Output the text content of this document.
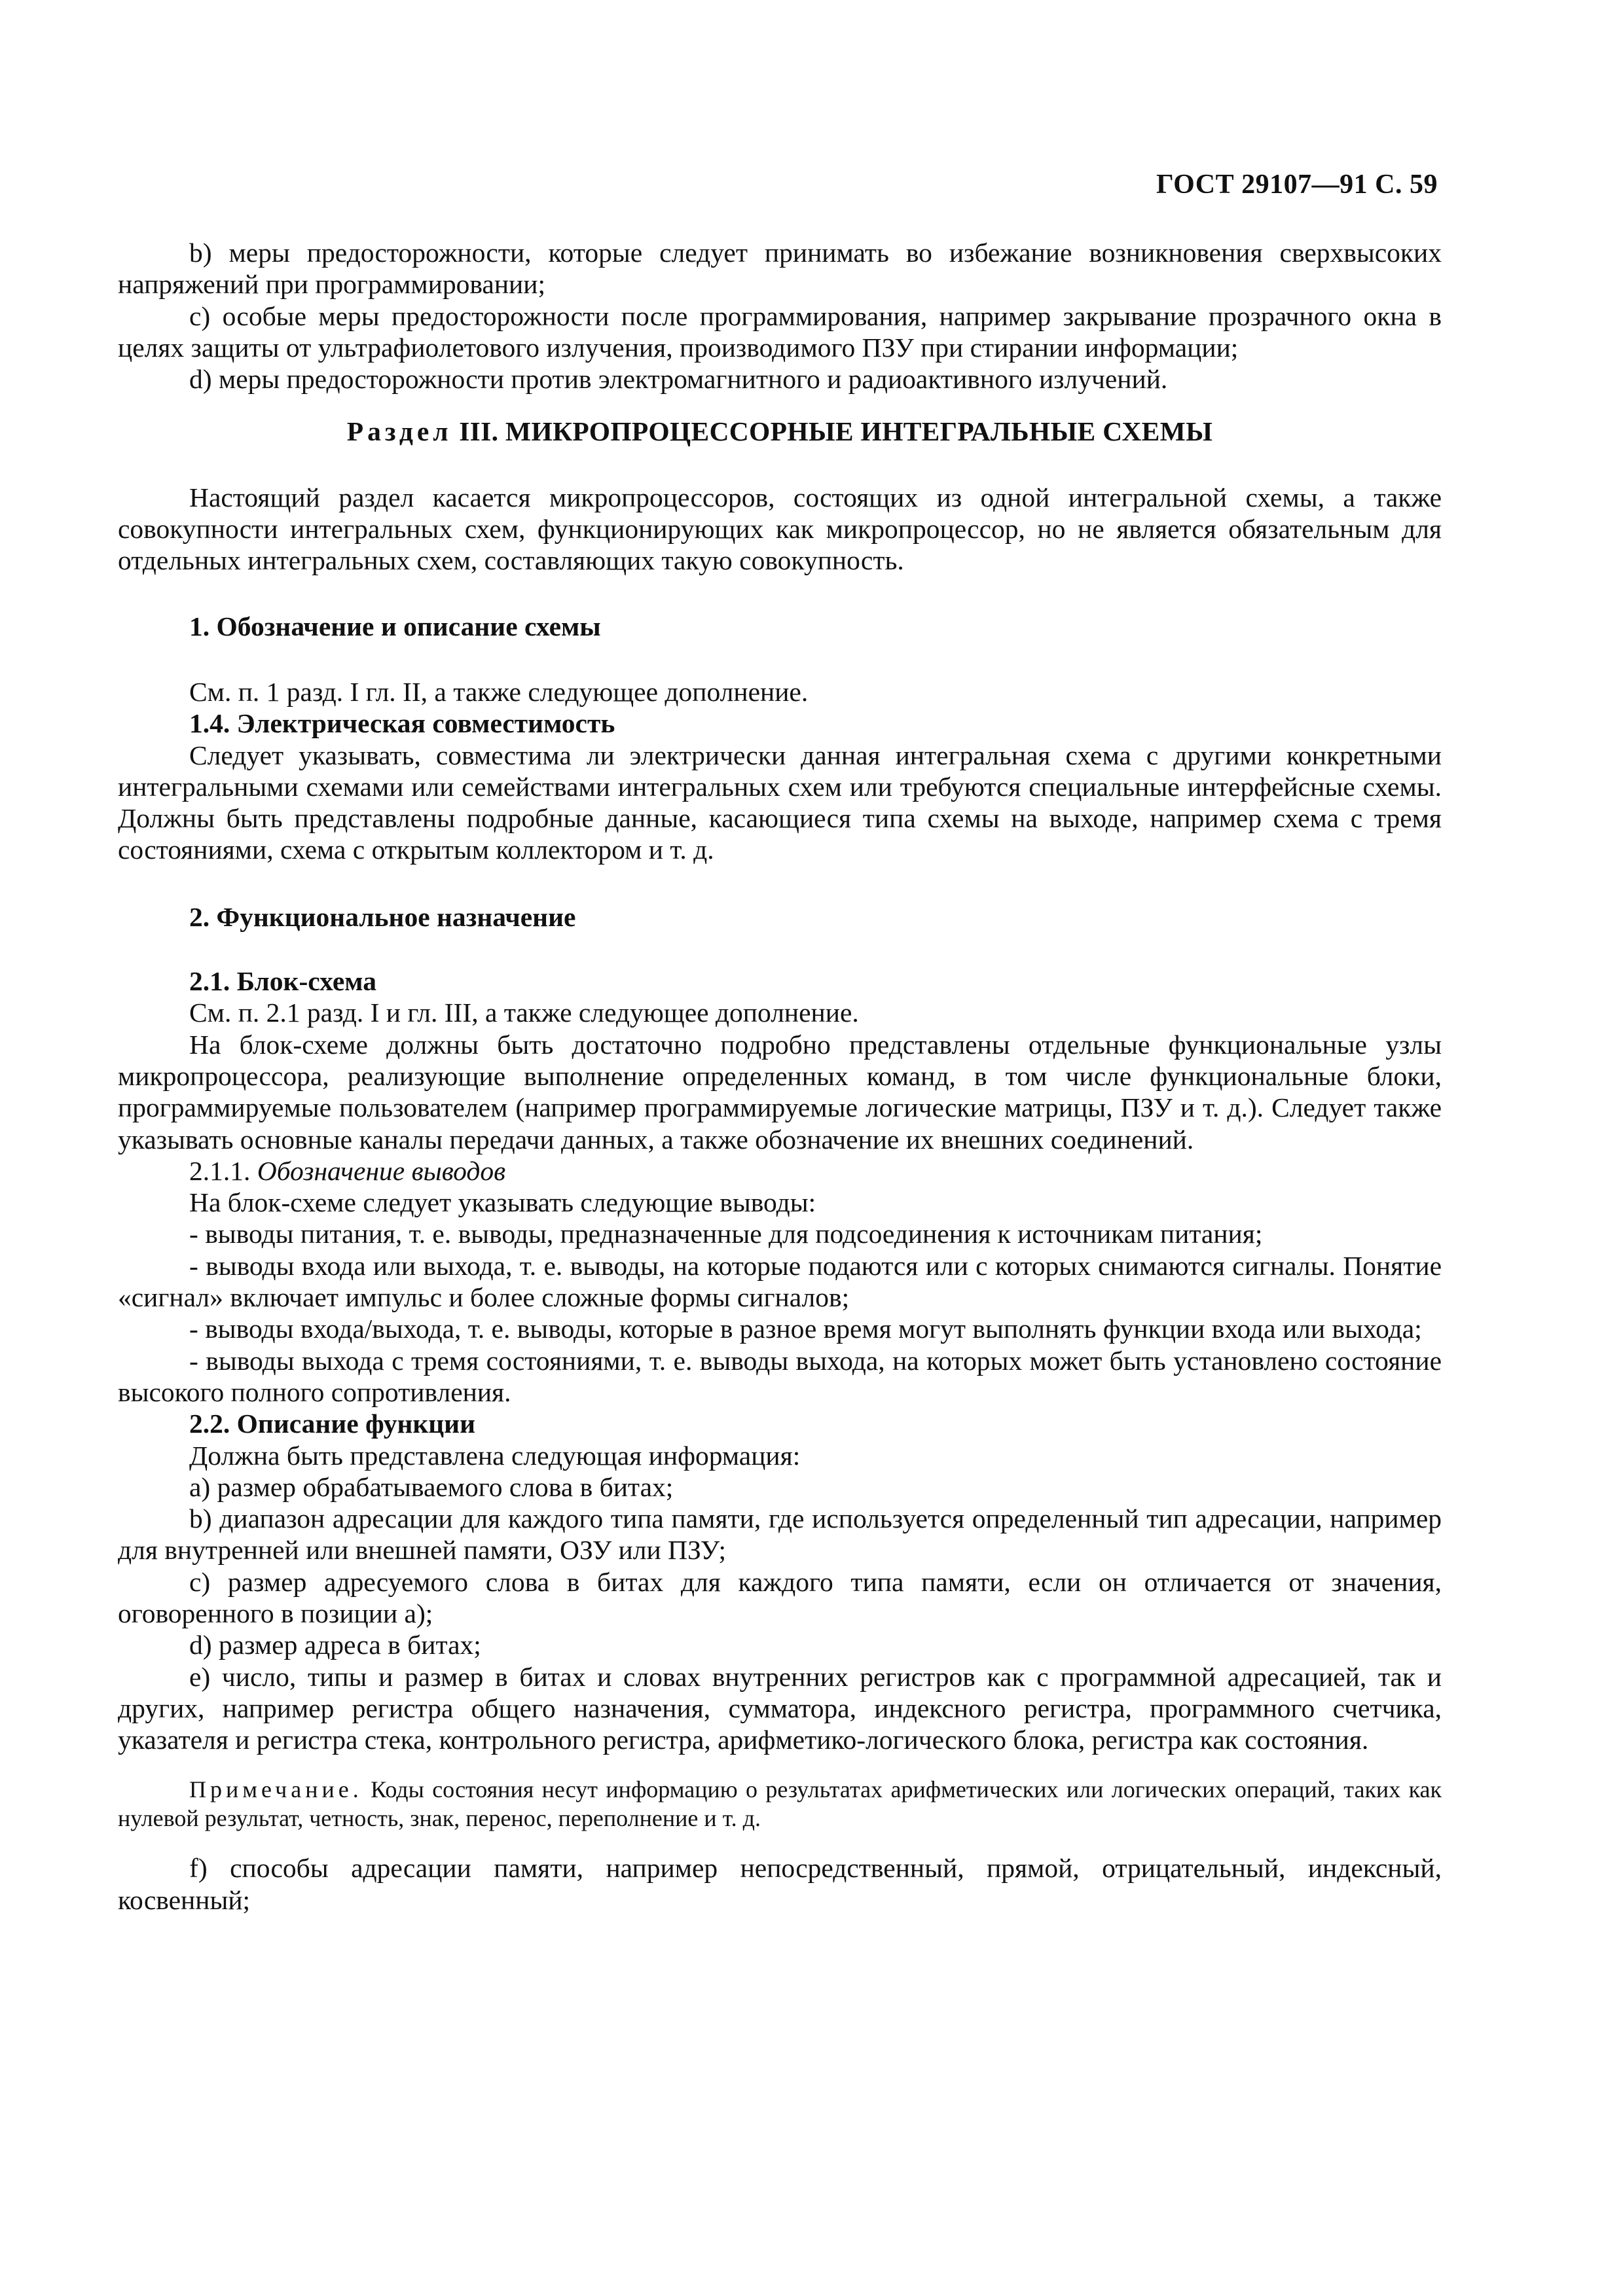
ГОСТ 29107—91 С. 59

b) меры предосторожности, которые следует принимать во избежание возникновения сверхвысоких напряжений при программировании;

c) особые меры предосторожности после программирования, например закрывание прозрачного окна в целях защиты от ультрафиолетового излучения, производимого ПЗУ при стирании информации;

d) меры предосторожности против электромагнитного и радиоактивного излучений.

Раздел III. МИКРОПРОЦЕССОРНЫЕ ИНТЕГРАЛЬНЫЕ СХЕМЫ

Настоящий раздел касается микропроцессоров, состоящих из одной интегральной схемы, а также совокупности интегральных схем, функционирующих как микропроцессор, но не является обязательным для отдельных интегральных схем, составляющих такую совокупность.

1. Обозначение и описание схемы

См. п. 1 разд. I гл. II, а также следующее дополнение.

1.4. Электрическая совместимость

Следует указывать, совместима ли электрически данная интегральная схема с другими конкретными интегральными схемами или семействами интегральных схем или требуются специальные интерфейсные схемы. Должны быть представлены подробные данные, касающиеся типа схемы на выходе, например схема с тремя состояниями, схема с открытым коллектором и т. д.

2. Функциональное назначение

2.1. Блок-схема

См. п. 2.1 разд. I и гл. III, а также следующее дополнение.

На блок-схеме должны быть достаточно подробно представлены отдельные функциональные узлы микропроцессора, реализующие выполнение определенных команд, в том числе функциональные блоки, программируемые пользователем (например программируемые логические матрицы, ПЗУ и т. д.). Следует также указывать основные каналы передачи данных, а также обозначение их внешних соединений.

2.1.1. Обозначение выводов

На блок-схеме следует указывать следующие выводы:

- выводы питания, т. е. выводы, предназначенные для подсоединения к источникам питания;

- выводы входа или выхода, т. е. выводы, на которые подаются или с которых снимаются сигналы. Понятие «сигнал» включает импульс и более сложные формы сигналов;

- выводы входа/выхода, т. е. выводы, которые в разное время могут выполнять функции входа или выхода;

- выводы выхода с тремя состояниями, т. е. выводы выхода, на которых может быть установлено состояние высокого полного сопротивления.

2.2. Описание функции

Должна быть представлена следующая информация:

a) размер обрабатываемого слова в битах;

b) диапазон адресации для каждого типа памяти, где используется определенный тип адресации, например для внутренней или внешней памяти, ОЗУ или ПЗУ;

c) размер адресуемого слова в битах для каждого типа памяти, если он отличается от значения, оговоренного в позиции а);

d) размер адреса в битах;

e) число, типы и размер в битах и словах внутренних регистров как с программной адресацией, так и других, например регистра общего назначения, сумматора, индексного регистра, программного счетчика, указателя и регистра стека, контрольного регистра, арифметико-логического блока, регистра как состояния.

Примечание. Коды состояния несут информацию о результатах арифметических или логических операций, таких как нулевой результат, четность, знак, перенос, переполнение и т. д.

f) способы адресации памяти, например непосредственный, прямой, отрицательный, индексный, косвенный;
